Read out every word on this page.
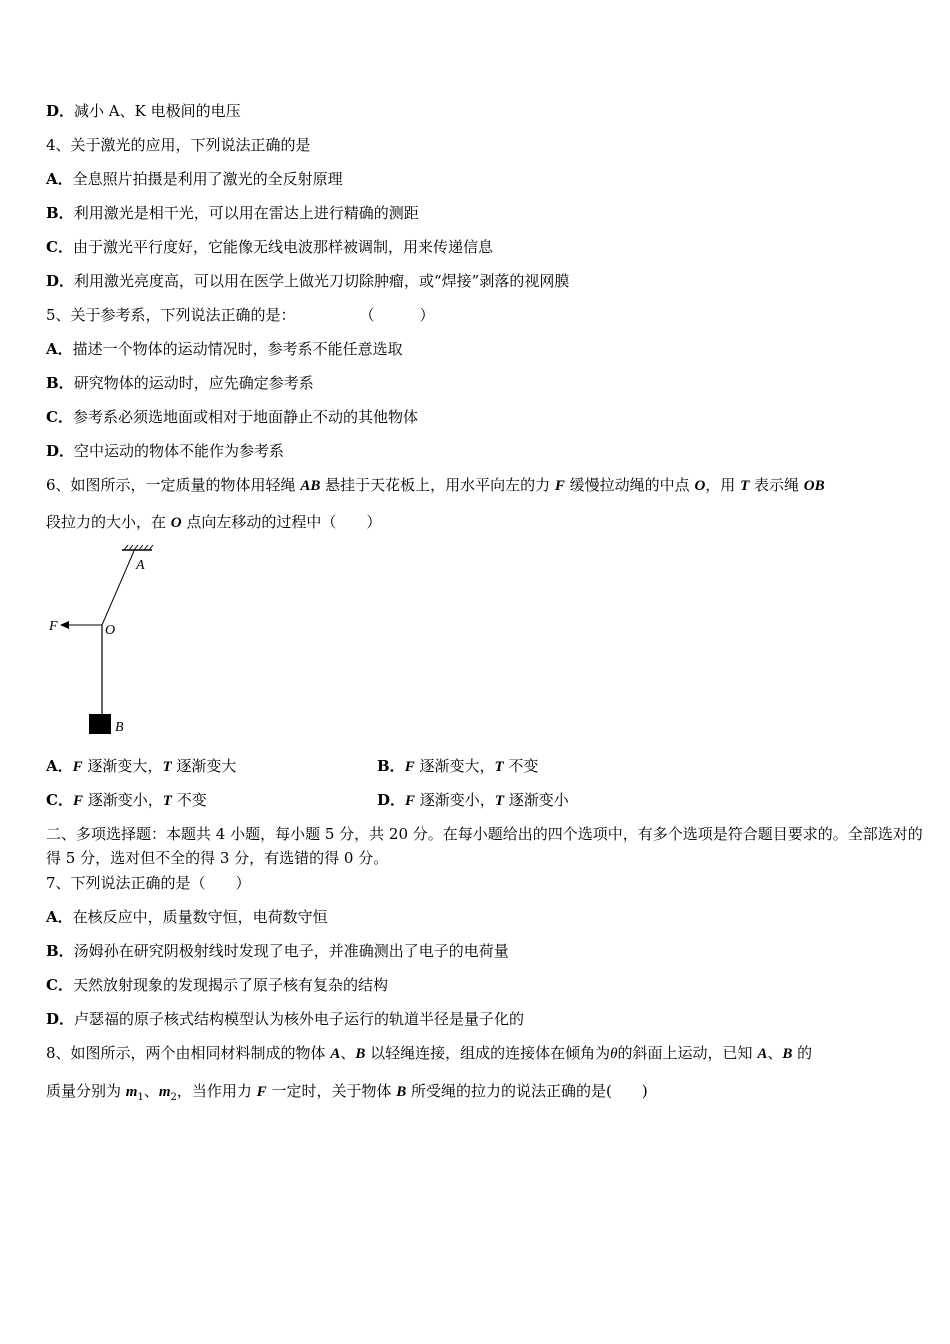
D．减小 A、K 电极间的电压
4、关于激光的应用，下列说法正确的是
A．全息照片拍摄是利用了激光的全反射原理
B．利用激光是相干光，可以用在雷达上进行精确的测距
C．由于激光平行度好，它能像无线电波那样被调制，用来传递信息
D．利用激光亮度高，可以用在医学上做光刀切除肿瘤，或“焊接”剥落的视网膜
5、关于参考系，下列说法正确的是：	（　　　）
A．描述一个物体的运动情况时，参考系不能任意选取
B．研究物体的运动时，应先确定参考系
C．参考系必须选地面或相对于地面静止不动的其他物体
D．空中运动的物体不能作为参考系
6、如图所示，一定质量的物体用轻绳 AB 悬挂于天花板上，用水平向左的力 F 缓慢拉动绳的中点 O，用 T 表示绳 OB
段拉力的大小，在 O 点向左移动的过程中（　　）
A
F	O
B
A．F 逐渐变大，T 逐渐变大	B．F 逐渐变大，T 不变
C．F 逐渐变小，T 不变	D．F 逐渐变小，T 逐渐变小
二、多项选择题：本题共 4 小题，每小题 5 分，共 20 分。在每小题给出的四个选项中，有多个选项是符合题目要求的。全部选对的得 5 分，选对但不全的得 3 分，有选错的得 0 分。
7、下列说法正确的是（　　）
A．在核反应中，质量数守恒，电荷数守恒
B．汤姆孙在研究阴极射线时发现了电子，并准确测出了电子的电荷量
C．天然放射现象的发现揭示了原子核有复杂的结构
D．卢瑟福的原子核式结构模型认为核外电子运行的轨道半径是量子化的
8、如图所示，两个由相同材料制成的物体 A、B 以轻绳连接，组成的连接体在倾角为θ的斜面上运动，已知 A、B 的
质量分别为 $m_1$、$m_2$，当作用力 F 一定时，关于物体 B 所受绳的拉力的说法正确的是(　　)
